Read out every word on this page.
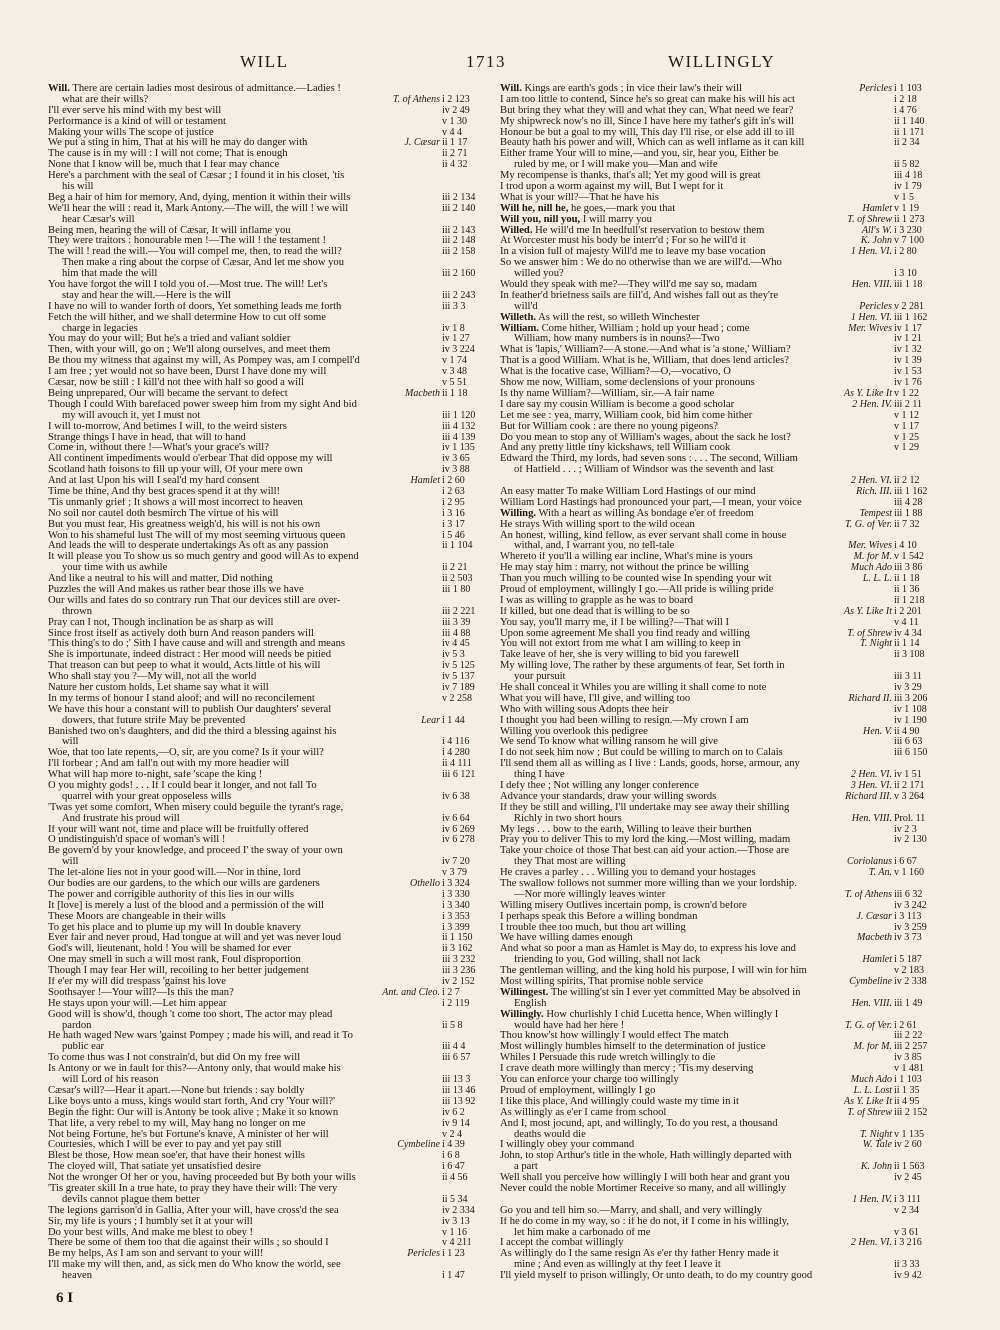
WILL	1713	WILLINGLY
Will. There are certain ladies most desirous of admittance.—Ladies !
what are their wills?	T. of Athens i 2 123
I'll ever serve his mind with my best will	iv 2 49
Performance is a kind of will or testament	v 1 30
Making your wills The scope of justice	v 4 4
We put a sting in him, That at his will he may do danger with	J. Cæsar ii 1 17
The cause is in my will : I will not come; That is enough	ii 2 71
None that I know will be, much that I fear may chance	ii 4 32
Here's a parchment with the seal of Cæsar ; I found it in his closet, 'tis
his will
Beg a hair of him for memory, And, dying, mention it within their wills	iii 2 134
We'll hear the will : read it, Mark Antony.—The will, the will ! we will	iii 2 140
hear Cæsar's will
Being men, hearing the will of Cæsar, It will inflame you	iii 2 143
They were traitors : honourable men !—The will ! the testament !	iii 2 148
The will ! read the will.—You will compel me, then, to read the will?	iii 2 158
Then make a ring about the corpse of Cæsar, And let me show you
him that made the will	iii 2 160
You have forgot the will I told you of.—Most true. The will! Let's
stay and hear the will.—Here is the will	iii 2 243
I have no will to wander forth of doors, Yet something leads me forth	iii 3 3
Fetch the will hither, and we shall determine How to cut off some
charge in legacies	iv 1 8
You may do your will; But he's a tried and valiant soldier	iv 1 27
Then, with your will, go on ; We'll along ourselves, and meet them	iv 3 224
Be thou my witness that against my will, As Pompey was, am I compell'd	v 1 74
I am free ; yet would not so have been, Durst I have done my will	v 3 48
Cæsar, now be still : I kill'd not thee with half so good a will	v 5 51
Being unprepared, Our will became the servant to defect	Macbeth ii 1 18
Though I could With barefaced power sweep him from my sight And bid
my will avouch it, yet I must not	iii 1 120
I will to-morrow, And betimes I will, to the weird sisters	iii 4 132
Strange things I have in head, that will to hand	iii 4 139
Come in, without there !—What's your grace's will?	iv 1 135
All continent impediments would o'erbear That did oppose my will	iv 3 65
Scotland hath foisons to fill up your will, Of your mere own	iv 3 88
And at last Upon his will I seal'd my hard consent	Hamlet i 2 60
Time be thine, And thy best graces spend it at thy will!	i 2 63
'Tis unmanly grief ; It shows a will most incorrect to heaven	i 2 95
No soil nor cautel doth besmirch The virtue of his will	i 3 16
But you must fear, His greatness weigh'd, his will is not his own	i 3 17
Won to his shameful lust The will of my most seeming virtuous queen	i 5 46
And leads the will to desperate undertakings As oft as any passion	ii 1 104
It will please you To show us so much gentry and good will As to expend
your time with us awhile	ii 2 21
And like a neutral to his will and matter, Did nothing	ii 2 503
Puzzles the will And makes us rather bear those ills we have	iii 1 80
Our wills and fates do so contrary run That our devices still are over-
thrown	iii 2 221
Pray can I not, Though inclination be as sharp as will	iii 3 39
Since frost itself as actively doth burn And reason panders will	iii 4 88
'This thing's to do ;' Sith I have cause and will and strength and means	iv 4 45
She is importunate, indeed distract : Her mood will needs be pitied	iv 5 3
That treason can but peep to what it would, Acts little of his will	iv 5 125
Who shall stay you ?—My will, not all the world	iv 5 137
Nature her custom holds, Let shame say what it will	iv 7 189
In my terms of honour I stand aloof; and will no reconcilement	v 2 258
We have this hour a constant will to publish Our daughters' several
dowers, that future strife May be prevented	Lear i 1 44
Banished two on's daughters, and did the third a blessing against his
will	i 4 116
Woe, that too late repents,—O, sir, are you come? Is it your will?	i 4 280
I'll forbear ; And am fall'n out with my more headier will	ii 4 111
What will hap more to-night, safe 'scape the king !	iii 6 121
O you mighty gods! . . . If I could bear it longer, and not fall To
quarrel with your great opposeless wills	iv 6 38
'Twas yet some comfort, When misery could beguile the tyrant's rage,
And frustrate his proud will	iv 6 64
If your will want not, time and place will be fruitfully offered	iv 6 269
O undistinguish'd space of woman's will !	iv 6 278
Be govern'd by your knowledge, and proceed I' the sway of your own
will	iv 7 20
The let-alone lies not in your good will.—Nor in thine, lord	v 3 79
Our bodies are our gardens, to the which our wills are gardeners	Othello i 3 324
The power and corrigible authority of this lies in our wills	i 3 330
It [love] is merely a lust of the blood and a permission of the will	i 3 340
These Moors are changeable in their wills	i 3 353
To get his place and to plume up my will In double knavery	i 3 399
Ever fair and never proud, Had tongue at will and yet was never loud	ii 1 150
God's will, lieutenant, hold ! You will be shamed for ever	ii 3 162
One may smell in such a will most rank, Foul disproportion	iii 3 232
Though I may fear Her will, recoiling to her better judgement	iii 3 236
If e'er my will did trespass 'gainst his love	iv 2 152
Soothsayer !—Your will?—Is this the man?	Ant. and Cleo. i 2 7
He stays upon your will.—Let him appear	i 2 119
Good will is show'd, though 't come too short, The actor may plead
pardon	ii 5 8
He hath waged New wars 'gainst Pompey ; made his will, and read it To
public ear	iii 4 4
To come thus was I not constrain'd, but did On my free will	iii 6 57
Is Antony or we in fault for this?—Antony only, that would make his
will Lord of his reason	iii 13 3
Cæsar's will?—Hear it apart.—None but friends : say boldly	iii 13 46
Like boys unto a muss, kings would start forth, And cry 'Your will?'	iii 13 92
Begin the fight: Our will is Antony be took alive ; Make it so known	iv 6 2
That life, a very rebel to my will, May hang no longer on me	iv 9 14
Not being Fortune, he's but Fortune's knave, A minister of her will	v 2 4
Courtesies, which I will be ever to pay and yet pay still	Cymbeline i 4 39
Blest be those, How mean soe'er, that have their honest wills	i 6 8
The cloyed will, That satiate yet unsatisfied desire	i 6 47
Not the wronger Of her or you, having proceeded but By both your wills	ii 4 56
'Tis greater skill In a true hate, to pray they have their will: The very
devils cannot plague them better	ii 5 34
The legions garrison'd in Gallia, After your will, have cross'd the sea	iv 2 334
Sir, my life is yours ; I humbly set it at your will	iv 3 13
Do your best wills, And make me blest to obey !	v 1 16
There be some of them too that die against their wills ; so should I	v 4 211
Be my helps, As I am son and servant to your will!	Pericles i 1 23
I'll make my will then, and, as sick men do Who know the world, see
heaven	i 1 47
Will. Kings are earth's gods ; in vice their law's their will	Pericles i 1 103
I am too little to contend, Since he's so great can make his will his act	i 2 18
But bring they what they will and what they can, What need we fear?	i 4 76
My shipwreck now's no ill, Since I have here my father's gift in's will	ii 1 140
Honour be but a goal to my will, This day I'll rise, or else add ill to ill	ii 1 171
Beauty hath his power and will, Which can as well inflame as it can kill	ii 2 34
Either frame Your will to mine,—and you, sir, hear you, Either be
ruled by me, or I will make you—Man and wife	ii 5 82
My recompense is thanks, that's all; Yet my good will is great	iii 4 18
I trod upon a worm against my will, But I wept for it	iv 1 79
What is your will?—That he have his	v 1 5
Will he, nill he, he goes,—mark you that	Hamlet v 1 19
Will you, nill you, I will marry you	T. of Shrew ii 1 273
Willed. He will'd me In heedfull'st reservation to bestow them	All's W. i 3 230
At Worcester must his body be interr'd ; For so he will'd it	K. John v 7 100
In a vision full of majesty Will'd me to leave my base vocation	1 Hen. VI. i 2 80
So we answer him : We do no otherwise than we are will'd.—Who
willed you?	i 3 10
Would they speak with me?—They will'd me say so, madam	Hen. VIII. iii 1 18
In feather'd briefness sails are fill'd, And wishes fall out as they're
will'd	Pericles v 2 281
Willeth. As will the rest, so willeth Winchester	1 Hen. VI. iii 1 162
William. Come hither, William ; hold up your head ; come	Mer. Wives iv 1 17
William, how many numbers is in nouns?—Two	iv 1 21
What is 'lapis,' William?—A stone.—And what is 'a stone,' William?	iv 1 32
That is a good William. What is he, William, that does lend articles?	iv 1 39
What is the focative case, William?—O,—vocativo, O	iv 1 53
Show me now, William, some declensions of your pronouns	iv 1 76
Is thy name William?—William, sir.—A fair name	As Y. Like It v 1 22
I dare say my cousin William is become a good scholar	2 Hen. IV. iii 2 11
Let me see : yea, marry, William cook, bid him come hither	v 1 12
But for William cook : are there no young pigeons?	v 1 17
Do you mean to stop any of William's wages, about the sack he lost?	v 1 25
And any pretty little tiny kickshaws, tell William cook	v 1 29
Edward the Third, my lords, had seven sons : . . . The second, William
of Hatfield . . . ; William of Windsor was the seventh and last
2 Hen. VI. ii 2 12
An easy matter To make William Lord Hastings of our mind	Rich. III. iii 1 162
William Lord Hastings had pronounced your part,—I mean, your voice	iii 4 28
Willing. With a heart as willing As bondage e'er of freedom	Tempest iii 1 88
He strays With willing sport to the wild ocean	T. G. of Ver. ii 7 32
An honest, willing, kind fellow, as ever servant shall come in house
withal, and, I warrant you, no tell-tale	Mer. Wives i 4 10
Whereto if you'll a willing ear incline, What's mine is yours	M. for M. v 1 542
He may stay him : marry, not without the prince be willing	Much Ado iii 3 86
Than you much willing to be counted wise In spending your wit	L. L. L. ii 1 18
Proud of employment, willingly I go.—All pride is willing pride	ii 1 36
I was as willing to grapple as he was to board	ii 1 218
If killed, but one dead that is willing to be so	As Y. Like It i 2 201
You say, you'll marry me, if I be willing?—That will I	v 4 11
Upon some agreement Me shall you find ready and willing	T. of Shrew iv 4 34
You will not extort from me what I am willing to keep in	T. Night ii 1 14
Take leave of her, she is very willing to bid you farewell	ii 3 108
My willing love, The rather by these arguments of fear, Set forth in
your pursuit	iii 3 11
He shall conceal it Whiles you are willing it shall come to note	iv 3 29
What you will have, I'll give, and willing too	Richard II. iii 3 206
Who with willing sous Adopts thee heir	iv 1 108
I thought you had been willing to resign.—My crown I am	iv 1 190
Willing you overlook this pedigree	Hen. V. ii 4 90
We send To know what willing ransom he will give	iii 6 63
I do not seek him now ; But could be willing to march on to Calais	iii 6 150
I'll send them all as willing as I live : Lands, goods, horse, armour, any
thing I have	2 Hen. VI. iv 1 51
I defy thee ; Not willing any longer conference	3 Hen. VI. ii 2 171
Advance your standards, draw your willing swords	Richard III. v 3 264
If they be still and willing, I'll undertake may see away their shilling
Richly in two short hours	Hen. VIII. Prol. 11
My legs . . . bow to the earth, Willing to leave their burthen	iv 2 3
Pray you to deliver This to my lord the king.—Most willing, madam	iv 2 130
Take your choice of those That best can aid your action.—Those are
they That most are willing	Coriolanus i 6 67
He craves a parley . . . Willing you to demand your hostages	T. An. v 1 160
The swallow follows not summer more willing than we your lordship.
—Nor more willingly leaves winter	T. of Athens iii 6 32
Willing misery Outlives incertain pomp, is crown'd before	iv 3 242
I perhaps speak this Before a willing bondman	J. Cæsar i 3 113
I trouble thee too much, but thou art willing	iv 3 259
We have willing dames enough	Macbeth iv 3 73
And what so poor a man as Hamlet is May do, to express his love and
friending to you, God willing, shall not lack	Hamlet i 5 187
The gentleman willing, and the king hold his purpose, I will win for him	v 2 183
Most willing spirits, That promise noble service	Cymbeline iv 2 338
Willingest. The willing'st sin I ever yet committed May be absolved in
English	Hen. VIII. iii 1 49
Willingly. How churlishly I chid Lucetta hence, When willingly I
would have had her here !	T. G. of Ver. i 2 61
Thou know'st how willingly I would effect The match	iii 2 22
Most willingly humbles himself to the determination of justice	M. for M. iii 2 257
Whiles I Persuade this rude wretch willingly to die	iv 3 85
I crave death more willingly than mercy ; 'Tis my deserving	v 1 481
You can enforce your charge too willingly	Much Ado i 1 103
Proud of employment, willingly I go	L. L. Lost ii 1 35
I like this place, And willingly could waste my time in it	As Y. Like It ii 4 95
As willingly as e'er I came from school	T. of Shrew iii 2 152
And I, most jocund, apt, and willingly, To do you rest, a thousand
deaths would die	T. Night v 1 135
I willingly obey your command	W. Tale iv 2 60
John, to stop Arthur's title in the whole, Hath willingly departed with
a part	K. John ii 1 563
Well shall you perceive how willingly I will both hear and grant you	iv 2 45
Never could the noble Mortimer Receive so many, and all willingly
1 Hen. IV. i 3 111
Go you and tell him so.—Marry, and shall, and very willingly	v 2 34
If he do come in my way, so : if he do not, if I come in his willingly,
let him make a carbonado of me	v 3 61
I accept the combat willingly	2 Hen. VI. i 3 216
As willingly do I the same resign As e'er thy father Henry made it
mine ; And even as willingly at thy feet I leave it	ii 3 33
I'll yield myself to prison willingly, Or unto death, to do my country good	iv 9 42
6 I
